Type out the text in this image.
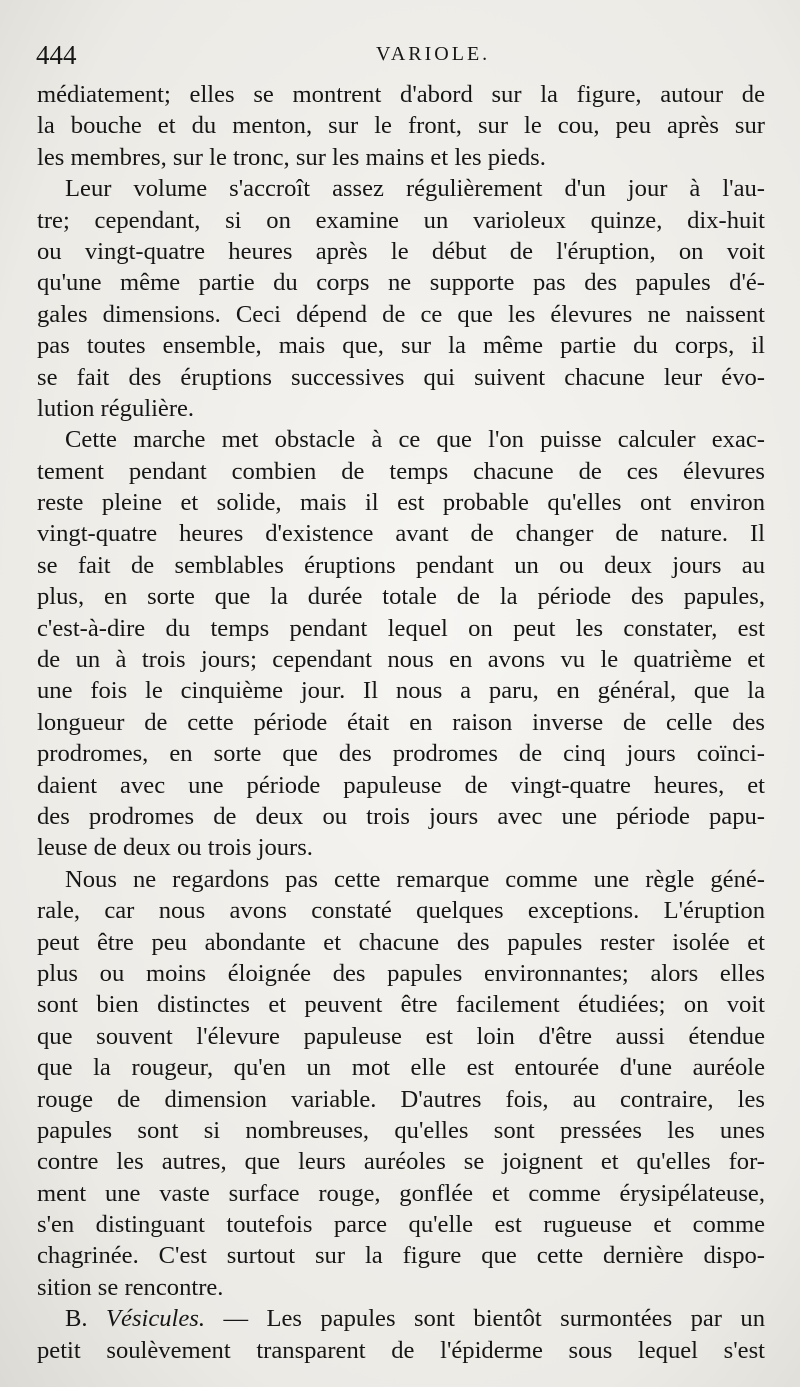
444	VARIOLE.
médiatement; elles se montrent d'abord sur la figure, autour de
la bouche et du menton, sur le front, sur le cou, peu après sur
les membres, sur le tronc, sur les mains et les pieds.
Leur volume s'accroît assez régulièrement d'un jour à l'au-
tre; cependant, si on examine un varioleux quinze, dix-huit
ou vingt-quatre heures après le début de l'éruption, on voit
qu'une même partie du corps ne supporte pas des papules d'é-
gales dimensions. Ceci dépend de ce que les élevures ne naissent
pas toutes ensemble, mais que, sur la même partie du corps, il
se fait des éruptions successives qui suivent chacune leur évo-
lution régulière.
Cette marche met obstacle à ce que l'on puisse calculer exac-
tement pendant combien de temps chacune de ces élevures
reste pleine et solide, mais il est probable qu'elles ont environ
vingt-quatre heures d'existence avant de changer de nature. Il
se fait de semblables éruptions pendant un ou deux jours au
plus, en sorte que la durée totale de la période des papules,
c'est-à-dire du temps pendant lequel on peut les constater, est
de un à trois jours; cependant nous en avons vu le quatrième et
une fois le cinquième jour. Il nous a paru, en général, que la
longueur de cette période était en raison inverse de celle des
prodromes, en sorte que des prodromes de cinq jours coïnci-
daient avec une période papuleuse de vingt-quatre heures, et
des prodromes de deux ou trois jours avec une période papu-
leuse de deux ou trois jours.
Nous ne regardons pas cette remarque comme une règle géné-
rale, car nous avons constaté quelques exceptions. L'éruption
peut être peu abondante et chacune des papules rester isolée et
plus ou moins éloignée des papules environnantes; alors elles
sont bien distinctes et peuvent être facilement étudiées; on voit
que souvent l'élevure papuleuse est loin d'être aussi étendue
que la rougeur, qu'en un mot elle est entourée d'une auréole
rouge de dimension variable. D'autres fois, au contraire, les
papules sont si nombreuses, qu'elles sont pressées les unes
contre les autres, que leurs auréoles se joignent et qu'elles for-
ment une vaste surface rouge, gonflée et comme érysipélateuse,
s'en distinguant toutefois parce qu'elle est rugueuse et comme
chagrinée. C'est surtout sur la figure que cette dernière dispo-
sition se rencontre.
B. Vésicules. — Les papules sont bientôt surmontées par un
petit soulèvement transparent de l'épiderme sous lequel s'est
